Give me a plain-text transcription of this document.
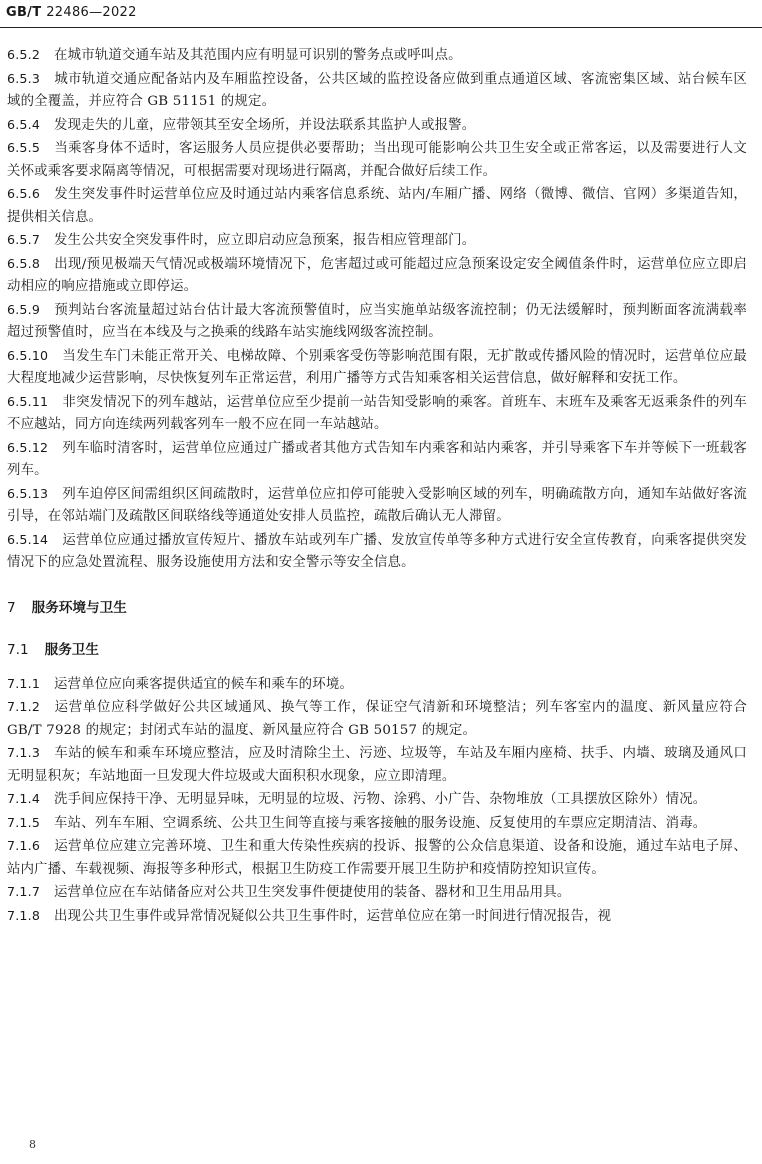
GB/T 22486—2022

6.5.2 在城市轨道交通车站及其范围内应有明显可识别的警务点或呼叫点。

6.5.3 城市轨道交通应配备站内及车厢监控设备，公共区域的监控设备应做到重点通道区域、客流密集区域、站台候车区域的全覆盖，并应符合 GB 51151 的规定。

6.5.4 发现走失的儿童，应带领其至安全场所，并设法联系其监护人或报警。

6.5.5 当乘客身体不适时，客运服务人员应提供必要帮助；当出现可能影响公共卫生安全或正常客运，以及需要进行人文关怀或乘客要求隔离等情况，可根据需要对现场进行隔离，并配合做好后续工作。

6.5.6 发生突发事件时运营单位应及时通过站内乘客信息系统、站内/车厢广播、网络（微博、微信、官网）多渠道告知，提供相关信息。

6.5.7 发生公共安全突发事件时，应立即启动应急预案，报告相应管理部门。

6.5.8 出现/预见极端天气情况或极端环境情况下，危害超过或可能超过应急预案设定安全阈值条件时，运营单位应立即启动相应的响应措施或立即停运。

6.5.9 预判站台客流量超过站台估计最大客流预警值时，应当实施单站级客流控制；仍无法缓解时，预判断面客流满载率超过预警值时，应当在本线及与之换乘的线路车站实施线网级客流控制。

6.5.10 当发生车门未能正常开关、电梯故障、个别乘客受伤等影响范围有限，无扩散或传播风险的情况时，运营单位应最大程度地减少运营影响，尽快恢复列车正常运营，利用广播等方式告知乘客相关运营信息，做好解释和安抚工作。

6.5.11 非突发情况下的列车越站，运营单位应至少提前一站告知受影响的乘客。首班车、末班车及乘客无返乘条件的列车不应越站，同方向连续两列载客列车一般不应在同一车站越站。

6.5.12 列车临时清客时，运营单位应通过广播或者其他方式告知车内乘客和站内乘客，并引导乘客下车并等候下一班载客列车。

6.5.13 列车迫停区间需组织区间疏散时，运营单位应扣停可能驶入受影响区域的列车，明确疏散方向，通知车站做好客流引导，在邻站端门及疏散区间联络线等通道处安排人员监控，疏散后确认无人滞留。

6.5.14 运营单位应通过播放宣传短片、播放车站或列车广播、发放宣传单等多种方式进行安全宣传教育，向乘客提供突发情况下的应急处置流程、服务设施使用方法和安全警示等安全信息。

7 服务环境与卫生
7.1 服务卫生

7.1.1 运营单位应向乘客提供适宜的候车和乘车的环境。

7.1.2 运营单位应科学做好公共区域通风、换气等工作，保证空气清新和环境整洁；列车客室内的温度、新风量应符合 GB/T 7928 的规定；封闭式车站的温度、新风量应符合 GB 50157 的规定。

7.1.3 车站的候车和乘车环境应整洁，应及时清除尘土、污迹、垃圾等，车站及车厢内座椅、扶手、内墙、玻璃及通风口无明显积灰；车站地面一旦发现大件垃圾或大面积积水现象，应立即清理。

7.1.4 洗手间应保持干净、无明显异味，无明显的垃圾、污物、涂鸦、小广告、杂物堆放（工具摆放区除外）情况。

7.1.5 车站、列车车厢、空调系统、公共卫生间等直接与乘客接触的服务设施、反复使用的车票应定期清洁、消毒。

7.1.6 运营单位应建立完善环境、卫生和重大传染性疾病的投诉、报警的公众信息渠道、设备和设施，通过车站电子屏、站内广播、车载视频、海报等多种形式，根据卫生防疫工作需要开展卫生防护和疫情防控知识宣传。

7.1.7 运营单位应在车站储备应对公共卫生突发事件便捷使用的装备、器材和卫生用品用具。

7.1.8 出现公共卫生事件或异常情况疑似公共卫生事件时，运营单位应在第一时间进行情况报告，视

8
